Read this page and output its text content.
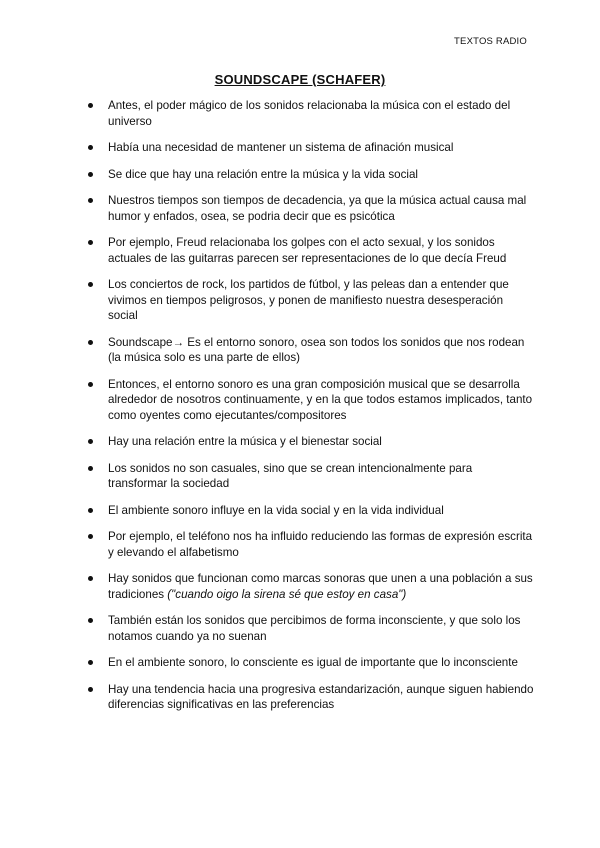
TEXTOS RADIO
SOUNDSCAPE (SCHAFER)
Antes, el poder mágico de los sonidos relacionaba la música con el estado del universo
Había una necesidad de mantener un sistema de afinación musical
Se dice que hay una relación entre la música y la vida social
Nuestros tiempos son tiempos de decadencia, ya que la música actual causa mal humor y enfados, osea, se podria decir que es psicótica
Por ejemplo, Freud relacionaba los golpes con el acto sexual, y los sonidos actuales de las guitarras parecen ser representaciones de lo que decía Freud
Los conciertos de rock, los partidos de fútbol, y las peleas dan a entender que vivimos en tiempos peligrosos, y ponen de manifiesto nuestra desesperación social
Soundscape→ Es el entorno sonoro, osea son todos los sonidos que nos rodean (la música solo es una parte de ellos)
Entonces, el entorno sonoro es una gran composición musical que se desarrolla alrededor de nosotros continuamente, y en la que todos estamos implicados, tanto como oyentes como ejecutantes/compositores
Hay una relación entre la música y el bienestar social
Los sonidos no son casuales, sino que se crean intencionalmente para transformar la sociedad
El ambiente sonoro influye en la vida social y en la vida individual
Por ejemplo, el teléfono nos ha influido reduciendo las formas de expresión escrita y elevando el alfabetismo
Hay sonidos que funcionan como marcas sonoras que unen a una población a sus tradiciones ("cuando oigo la sirena sé que estoy en casa")
También están los sonidos que percibimos de forma inconsciente, y que solo los notamos cuando ya no suenan
En el ambiente sonoro, lo consciente es igual de importante que lo inconsciente
Hay una tendencia hacia una progresiva estandarización, aunque siguen habiendo diferencias significativas en las preferencias
